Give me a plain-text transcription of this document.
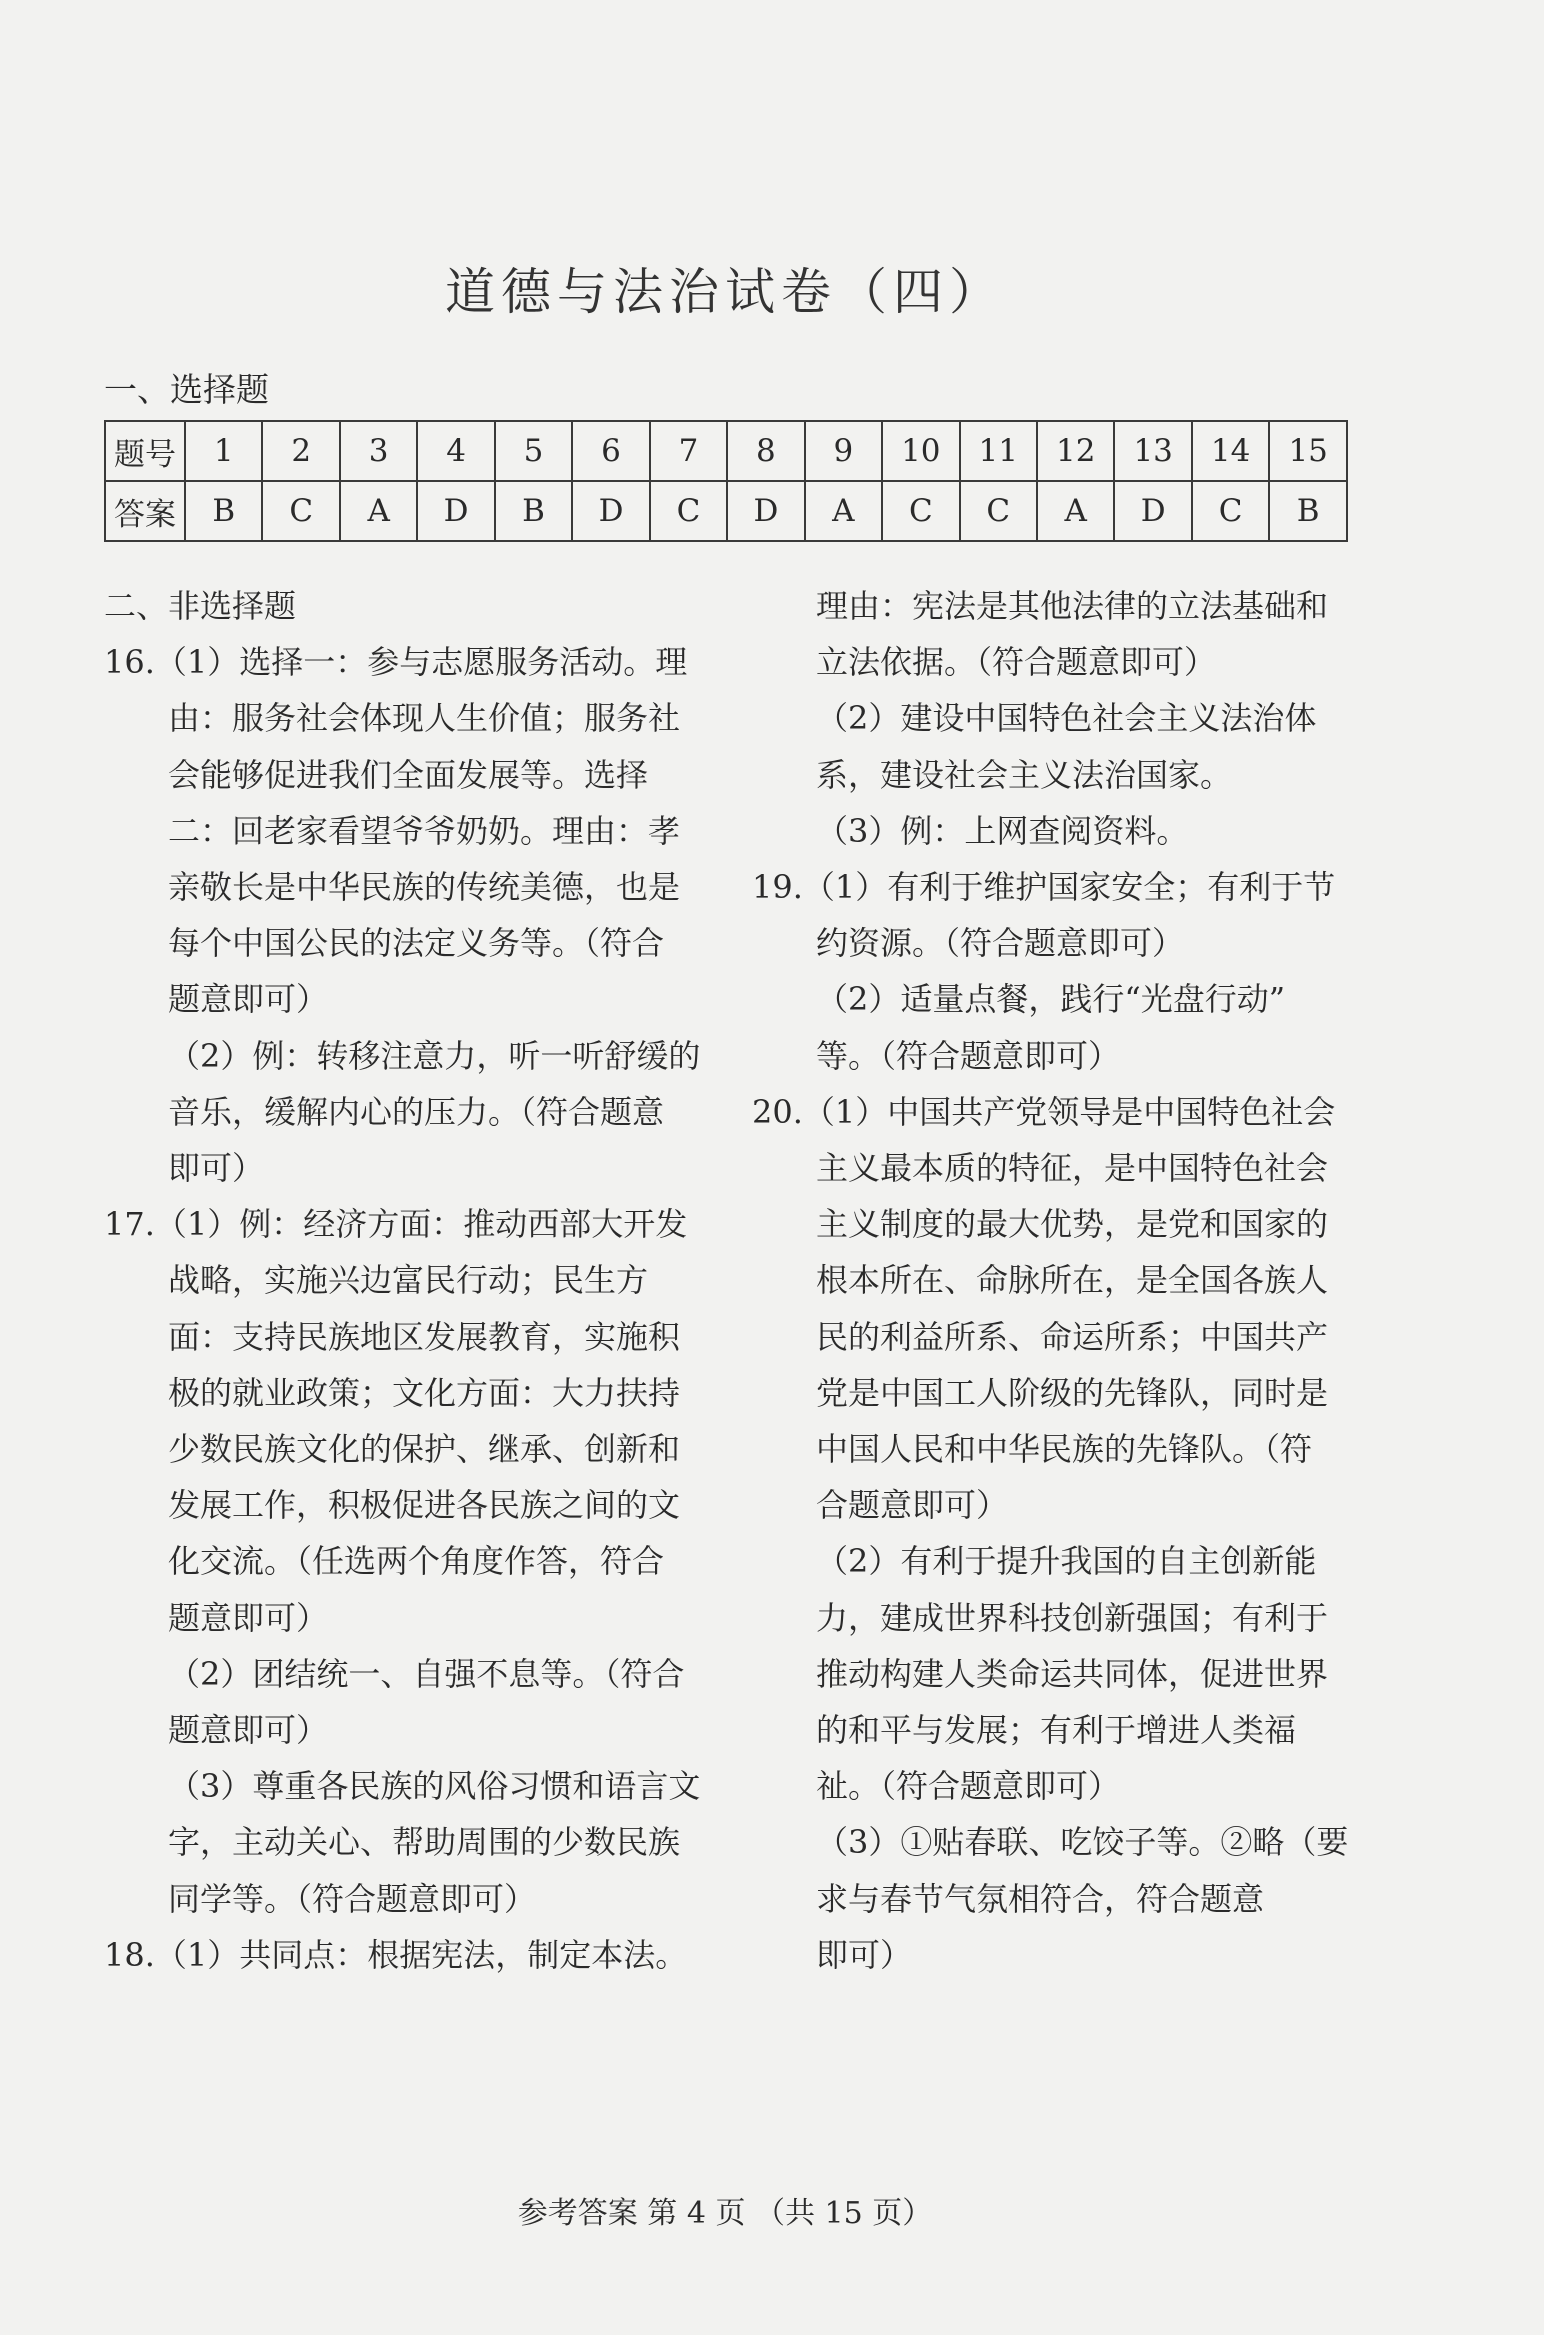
道德与法治试卷（四）
一、选择题
题号	1	2	3	4	5	6	7	8	9	10	11	12	13	14	15
答案	B	C	A	D	B	D	C	D	A	C	C	A	D	C	B
二、非选择题
16.（1）选择一：参与志愿服务活动。理
由：服务社会体现人生价值；服务社
会能够促进我们全面发展等。选择
二：回老家看望爷爷奶奶。理由：孝
亲敬长是中华民族的传统美德，也是
每个中国公民的法定义务等。（符合
题意即可）
（2）例：转移注意力，听一听舒缓的
音乐，缓解内心的压力。（符合题意
即可）
17.（1）例：经济方面：推动西部大开发
战略，实施兴边富民行动；民生方
面：支持民族地区发展教育，实施积
极的就业政策；文化方面：大力扶持
少数民族文化的保护、继承、创新和
发展工作，积极促进各民族之间的文
化交流。（任选两个角度作答，符合
题意即可）
（2）团结统一、自强不息等。（符合
题意即可）
（3）尊重各民族的风俗习惯和语言文
字，主动关心、帮助周围的少数民族
同学等。（符合题意即可）
18.（1）共同点：根据宪法，制定本法。
理由：宪法是其他法律的立法基础和
立法依据。（符合题意即可）
（2）建设中国特色社会主义法治体
系，建设社会主义法治国家。
（3）例：上网查阅资料。
19.（1）有利于维护国家安全；有利于节
约资源。（符合题意即可）
（2）适量点餐，践行“光盘行动”
等。（符合题意即可）
20.（1）中国共产党领导是中国特色社会
主义最本质的特征，是中国特色社会
主义制度的最大优势，是党和国家的
根本所在、命脉所在，是全国各族人
民的利益所系、命运所系；中国共产
党是中国工人阶级的先锋队，同时是
中国人民和中华民族的先锋队。（符
合题意即可）
（2）有利于提升我国的自主创新能
力，建成世界科技创新强国；有利于
推动构建人类命运共同体，促进世界
的和平与发展；有利于增进人类福
祉。（符合题意即可）
（3）①贴春联、吃饺子等。②略（要
求与春节气氛相符合，符合题意
即可）
参考答案 第 4 页 （共 15 页）
